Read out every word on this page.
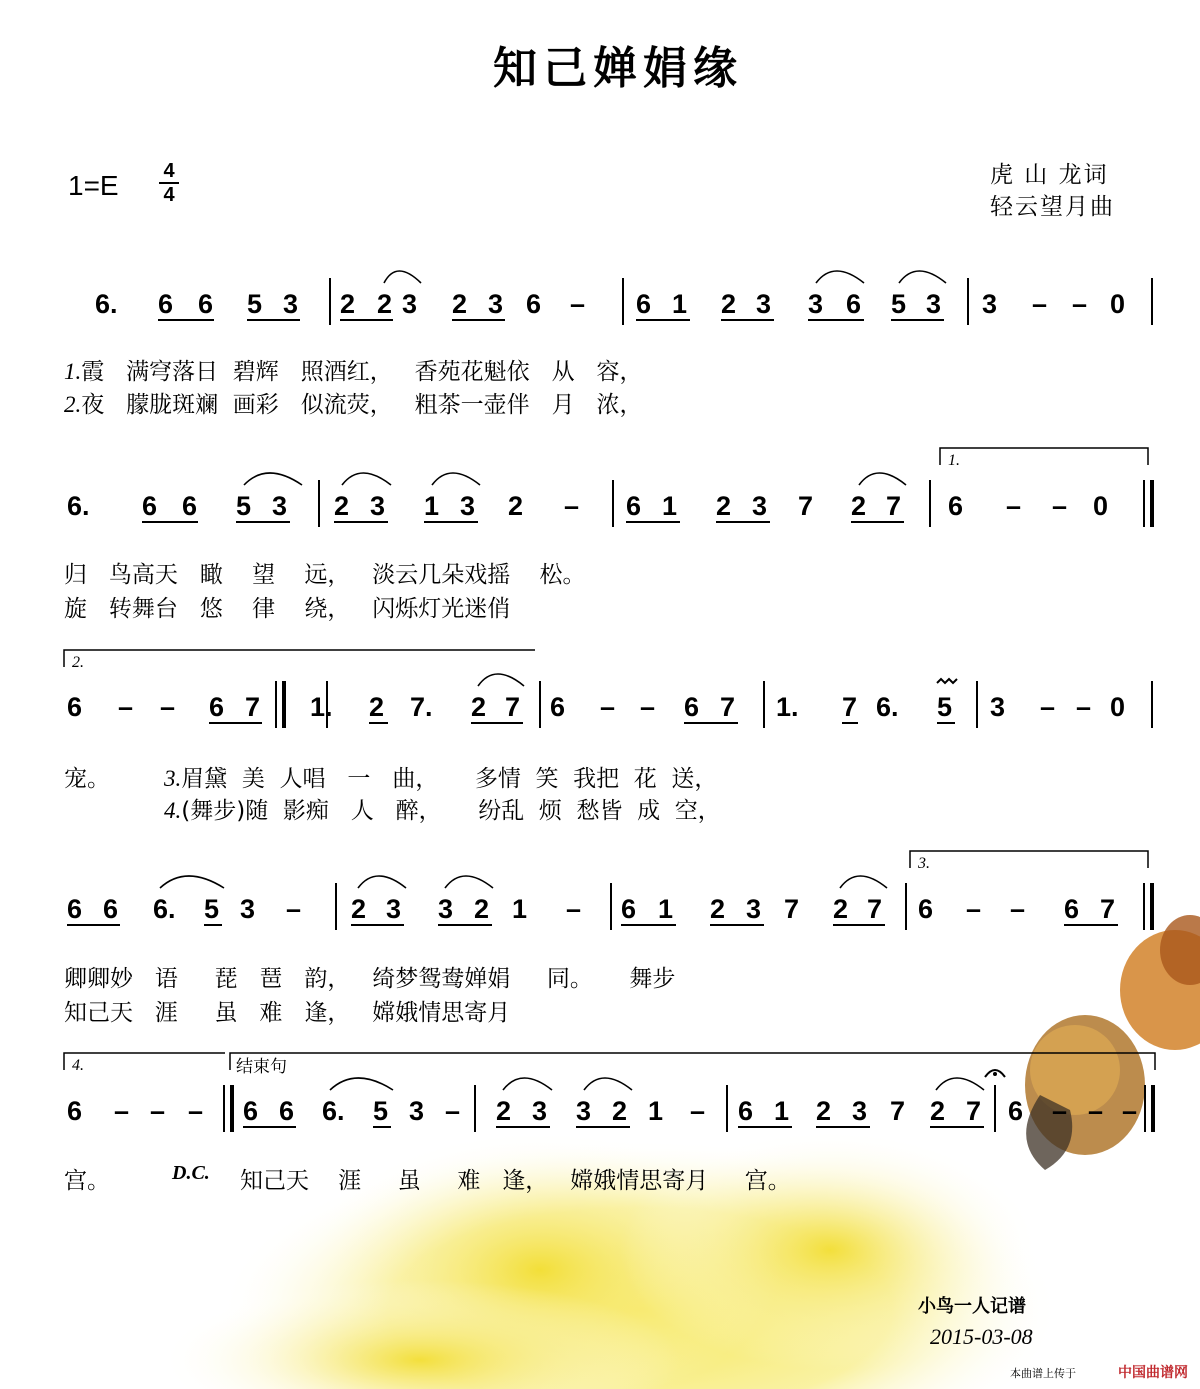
知己婵娟缘
1=E 4
4
虎 山 龙词
轻云望月曲
6. 6 6 5 3 2 2 3 2 3 6 – 6 1 2 3 3 6 5 3 3 – – 0
6. 6 6 5 3 2 3 1 3 2 – 6 1 2 3 7 2 7 6 – – 0
6 – – 6 7 1. 2 7. 2 7 6 – – 6 7 1. 7 6. 5 3 – – 0
6 6 6. 5 3 – 2 3 3 2 1 – 6 1 2 3 7 2 7 6 – – 6 7
6 – – – 6 6 6. 5 3 – 2 3 3 2 1 – 6 1 2 3 7 2 7 6 – – –
1.
2.
3.
4.	结束句
1.霞   满穹落日  碧辉   照酒红，   香苑花魁依   从   容，
2.夜   朦胧斑斓  画彩   似流荧，   粗茶一壶伴   月   浓，
归   鸟高天   瞰    望    远，   淡云几朵戏摇    松。
旋   转舞台   悠    律    绕，   闪烁灯光迷俏
宠。 3.眉黛  美  人唱   一   曲，     多情  笑  我把  花  送，
4.(舞步)随  影痴   人   醉，     纷乱  烦  愁皆  成  空，
卿卿妙   语     琵   琶   韵，   绮梦鸳鸯婵娟     同。     舞步
知己天   涯     虽   难   逢，   嫦娥情思寄月
宫。	D.C. 知己天    涯     虽     难   逢，   嫦娥情思寄月     宫。
小鸟一人记谱
2015-03-08
本曲谱上传于	中国曲谱网
